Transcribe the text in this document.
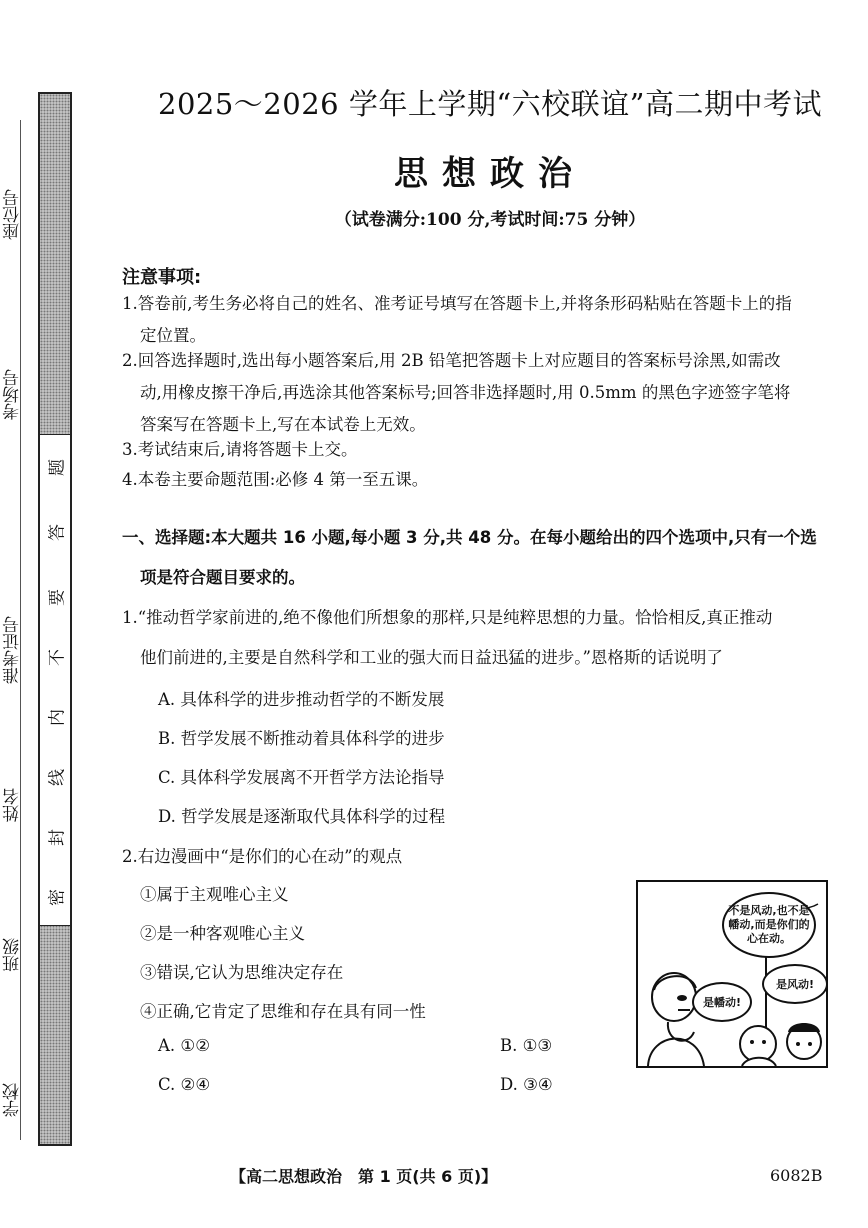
座位号
考场号
准考证号
姓名
班级
学校
密
封
线
内
不
要
答
题
2025～2026 学年上学期“六校联谊”高二期中考试
思想政治
（试卷满分:100 分,考试时间:75 分钟）
注意事项:
1.答卷前,考生务必将自己的姓名、准考证号填写在答题卡上,并将条形码粘贴在答题卡上的指
定位置。
2.回答选择题时,选出每小题答案后,用 2B 铅笔把答题卡上对应题目的答案标号涂黑,如需改
动,用橡皮擦干净后,再选涂其他答案标号;回答非选择题时,用 0.5mm 的黑色字迹签字笔将
答案写在答题卡上,写在本试卷上无效。
3.考试结束后,请将答题卡上交。
4.本卷主要命题范围:必修 4 第一至五课。
一、选择题:本大题共 16 小题,每小题 3 分,共 48 分。在每小题给出的四个选项中,只有一个选
项是符合题目要求的。
1.“推动哲学家前进的,绝不像他们所想象的那样,只是纯粹思想的力量。恰恰相反,真正推动
他们前进的,主要是自然科学和工业的强大而日益迅猛的进步。”恩格斯的话说明了
A. 具体科学的进步推动哲学的不断发展
B. 哲学发展不断推动着具体科学的进步
C. 具体科学发展离不开哲学方法论指导
D. 哲学发展是逐渐取代具体科学的过程
2.右边漫画中“是你们的心在动”的观点
①属于主观唯心主义
②是一种客观唯心主义
③错误,它认为思维决定存在
④正确,它肯定了思维和存在具有同一性
A. ①②	B. ①③
C. ②④	D. ③④
不是风动,也不是幡动,而是你们的心在动。
是幡动!
是风动!
【高二思想政治　第 1 页(共 6 页)】	6082B
